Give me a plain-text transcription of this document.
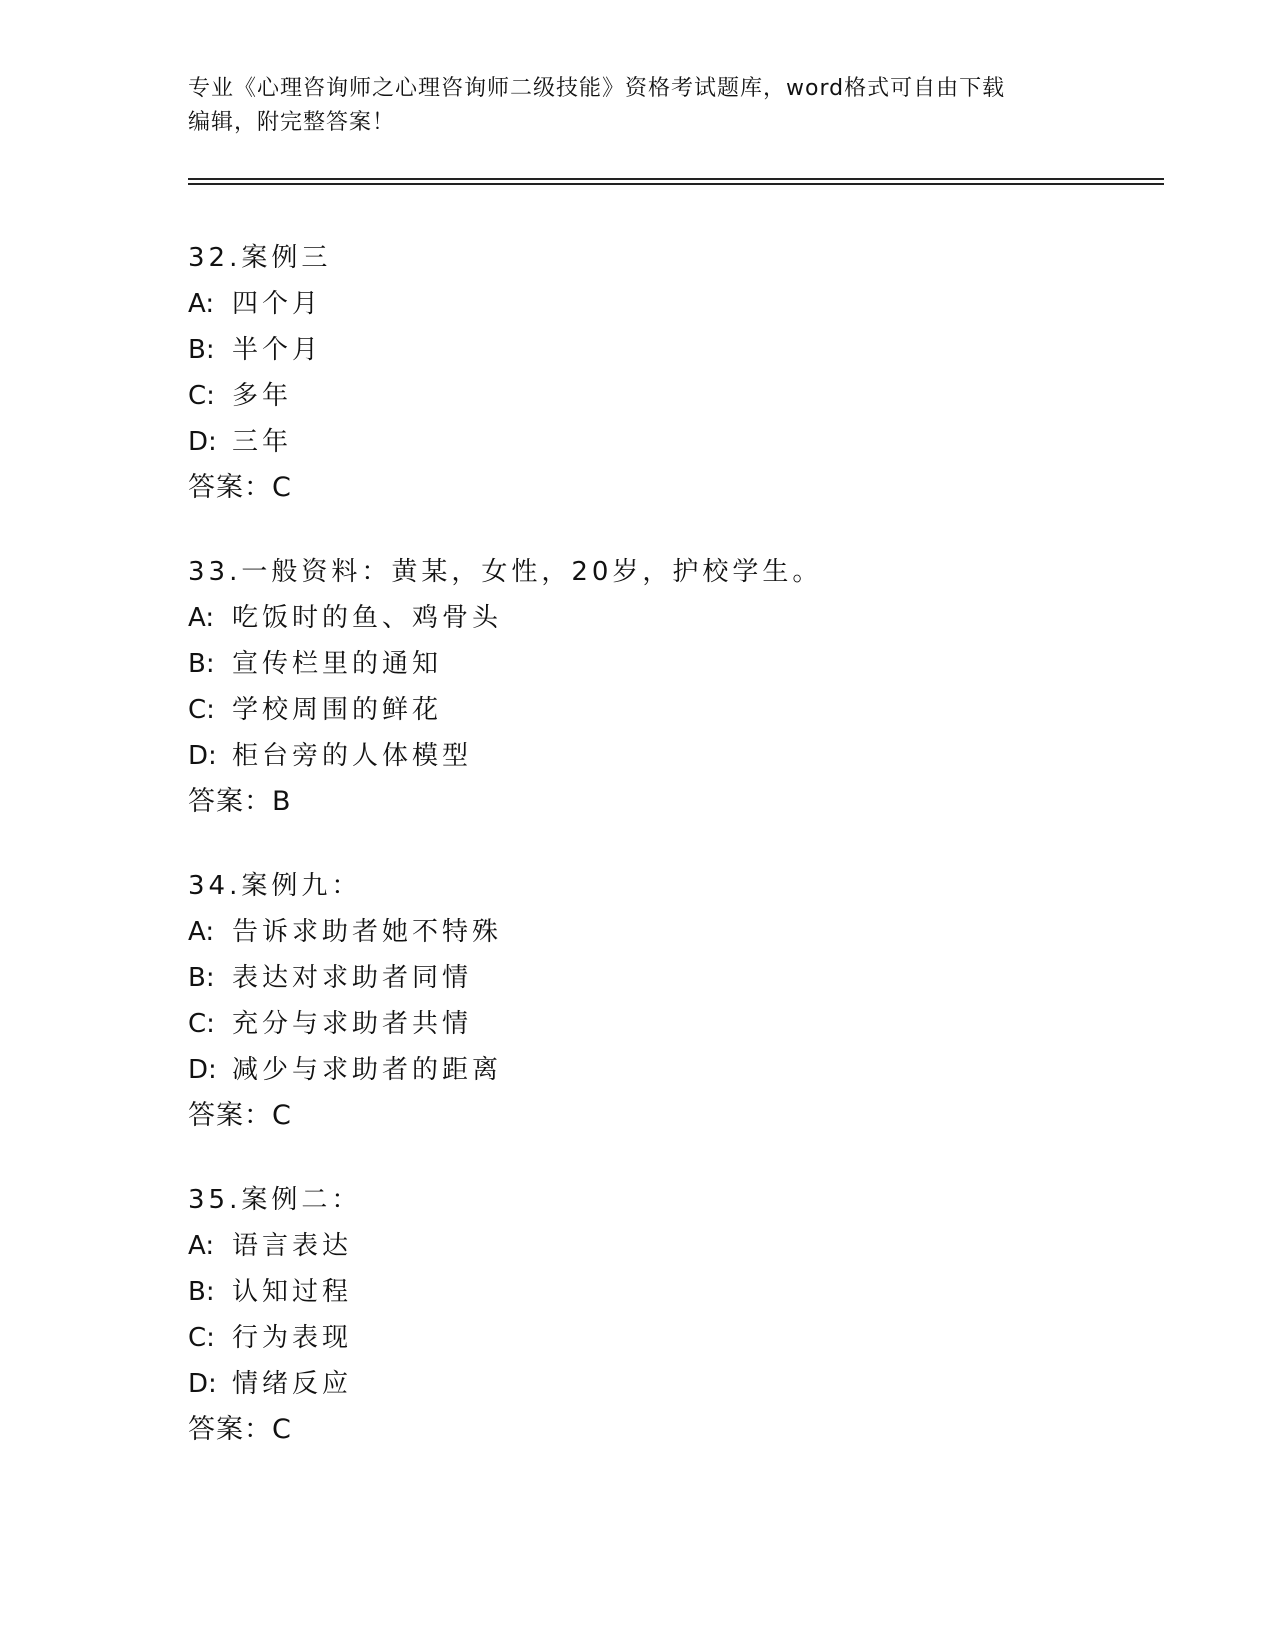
专业《心理咨询师之心理咨询师二级技能》资格考试题库，word格式可自由下载
编辑，附完整答案！
32.案例三
A: 四个月
B: 半个月
C: 多年
D: 三年
答案：C
33.一般资料：黄某，女性，20岁，护校学生。
A: 吃饭时的鱼、鸡骨头
B: 宣传栏里的通知
C: 学校周围的鲜花
D: 柜台旁的人体模型
答案：B
34.案例九：
A: 告诉求助者她不特殊
B: 表达对求助者同情
C: 充分与求助者共情
D: 减少与求助者的距离
答案：C
35.案例二：
A: 语言表达
B: 认知过程
C: 行为表现
D: 情绪反应
答案：C
